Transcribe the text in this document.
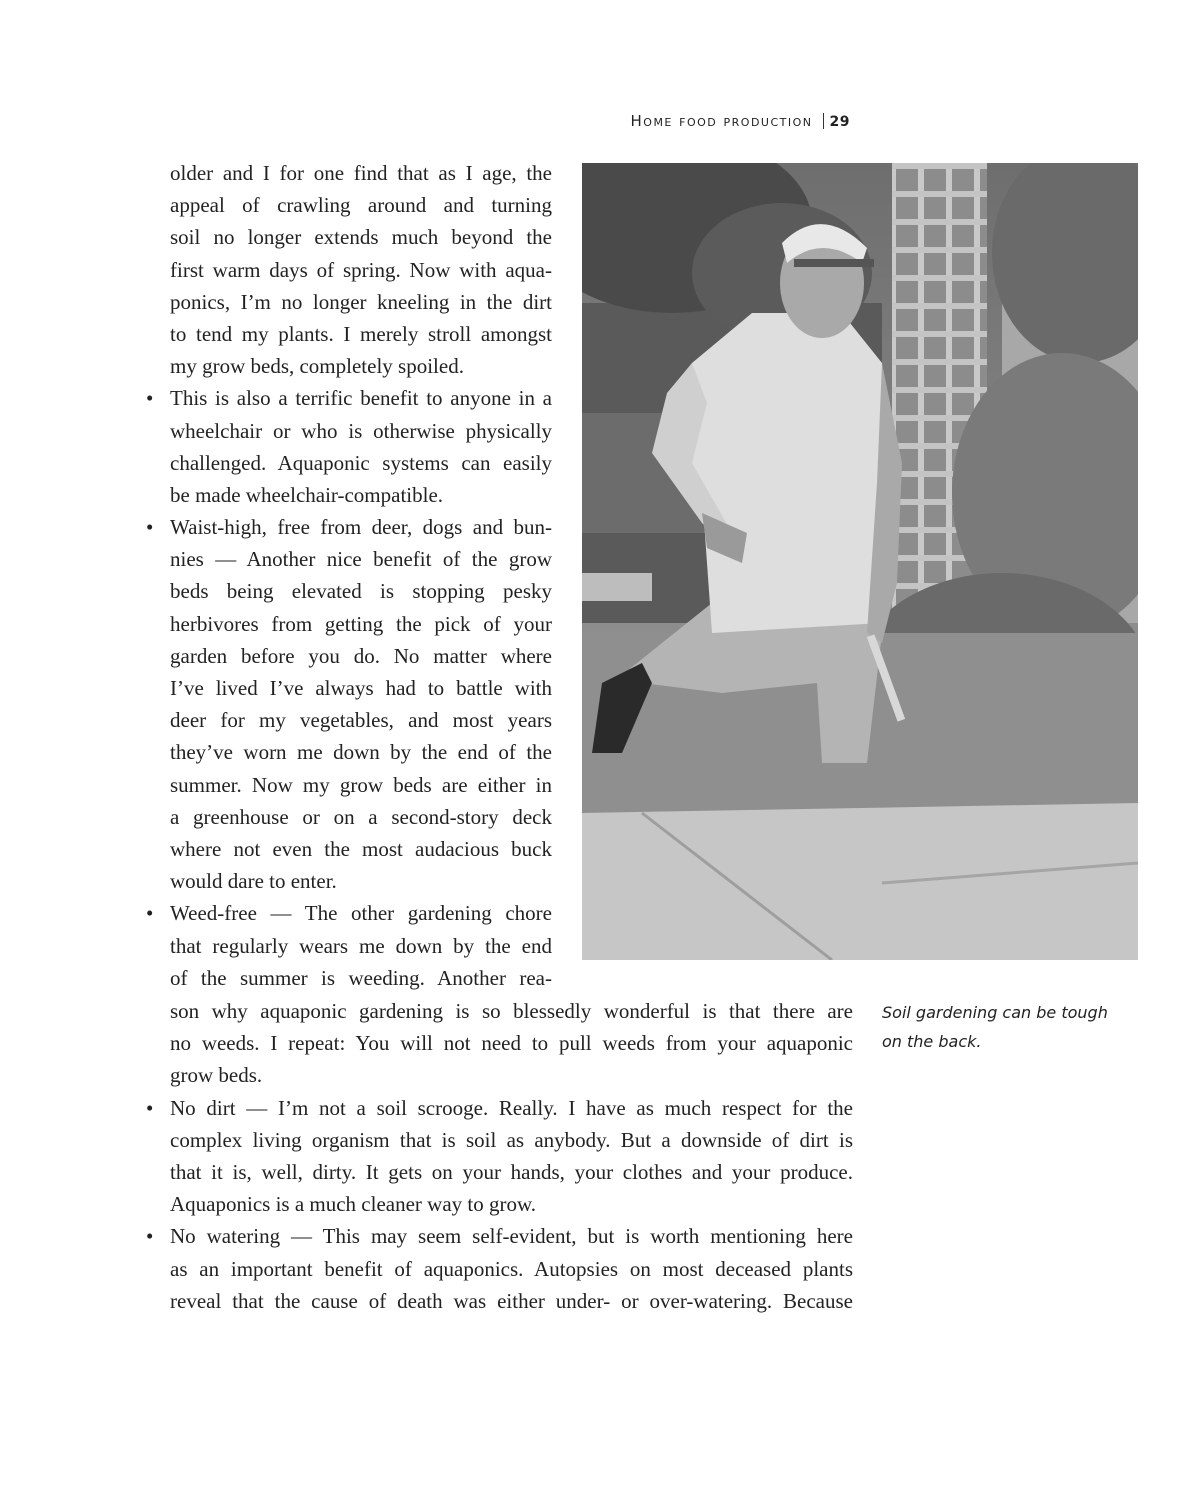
Home food production 29
Soil gardening can be tough on the back.
older and I for one find that as I age, the
appeal of crawling around and turning
soil no longer extends much beyond the
first warm days of spring. Now with aqua-
ponics, I’m no longer kneeling in the dirt
to tend my plants. I merely stroll amongst
my grow beds, completely spoiled.
• This is also a terrific benefit to anyone in a
wheelchair or who is otherwise physically
challenged. Aquaponic systems can easily
be made wheelchair-compatible.
• Waist-high, free from deer, dogs and bun-
nies — Another nice benefit of the grow
beds being elevated is stopping pesky
herbivores from getting the pick of your
garden before you do. No matter where
I’ve lived I’ve always had to battle with
deer for my vegetables, and most years
they’ve worn me down by the end of the
summer. Now my grow beds are either in
a greenhouse or on a second-story deck
where not even the most audacious buck
would dare to enter.
• Weed-free — The other gardening chore
that regularly wears me down by the end
of the summer is weeding. Another rea-
son why aquaponic gardening is so blessedly wonderful is that there are
no weeds. I repeat: You will not need to pull weeds from your aquaponic
grow beds.
• No dirt — I’m not a soil scrooge. Really. I have as much respect for the
complex living organism that is soil as anybody. But a downside of dirt is
that it is, well, dirty. It gets on your hands, your clothes and your produce.
Aquaponics is a much cleaner way to grow.
• No watering — This may seem self-evident, but is worth mentioning here
as an important benefit of aquaponics. Autopsies on most deceased plants
reveal that the cause of death was either under- or over-watering. Because
